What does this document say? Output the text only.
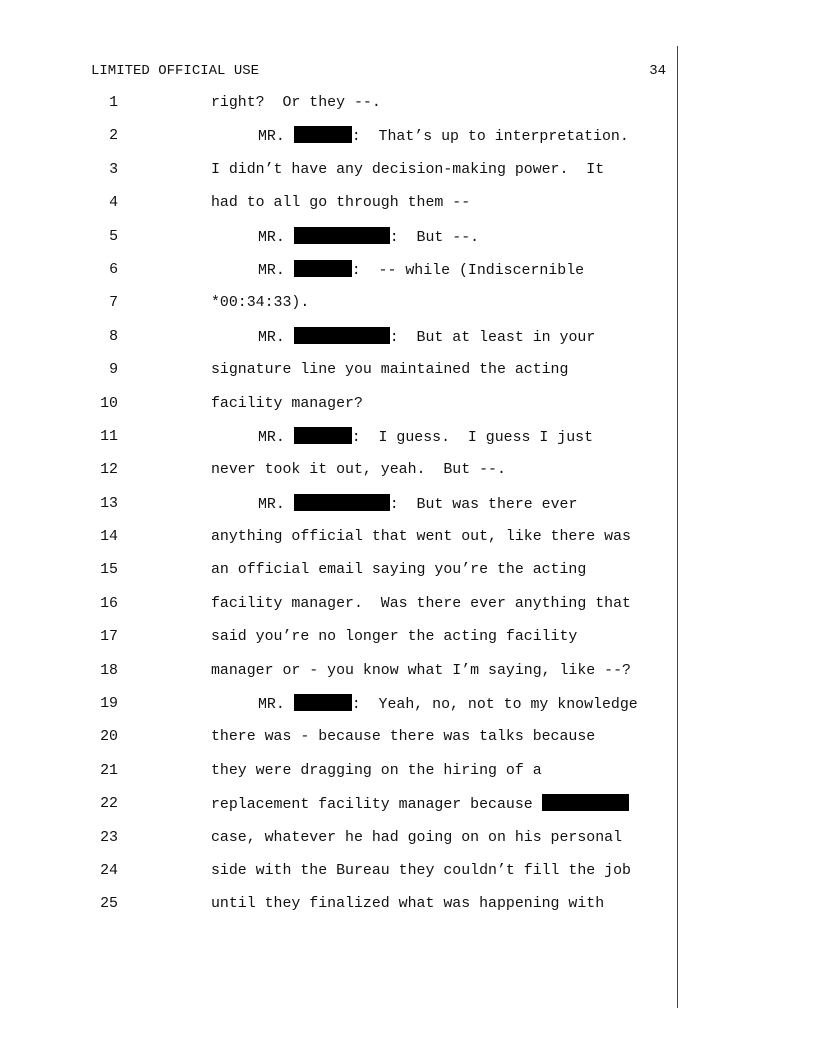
LIMITED OFFICIAL USE	34
1	right?  Or they --.
2	MR.	:  That’s up to interpretation.
3	I didn’t have any decision-making power.  It
4	had to all go through them --
5	MR.	:  But --.
6	MR.	:  -- while (Indiscernible
7	*00:34:33).
8	MR.	:  But at least in your
9	signature line you maintained the acting
10	facility manager?
11	MR.	:  I guess.  I guess I just
12	never took it out, yeah.  But --.
13	MR.	:  But was there ever
14	anything official that went out, like there was
15	an official email saying you’re the acting
16	facility manager.  Was there ever anything that
17	said you’re no longer the acting facility
18	manager or - you know what I’m saying, like --?
19	MR.	:  Yeah, no, not to my knowledge
20	there was - because there was talks because
21	they were dragging on the hiring of a
22	replacement facility manager because
23	case, whatever he had going on on his personal
24	side with the Bureau they couldn’t fill the job
25	until they finalized what was happening with
